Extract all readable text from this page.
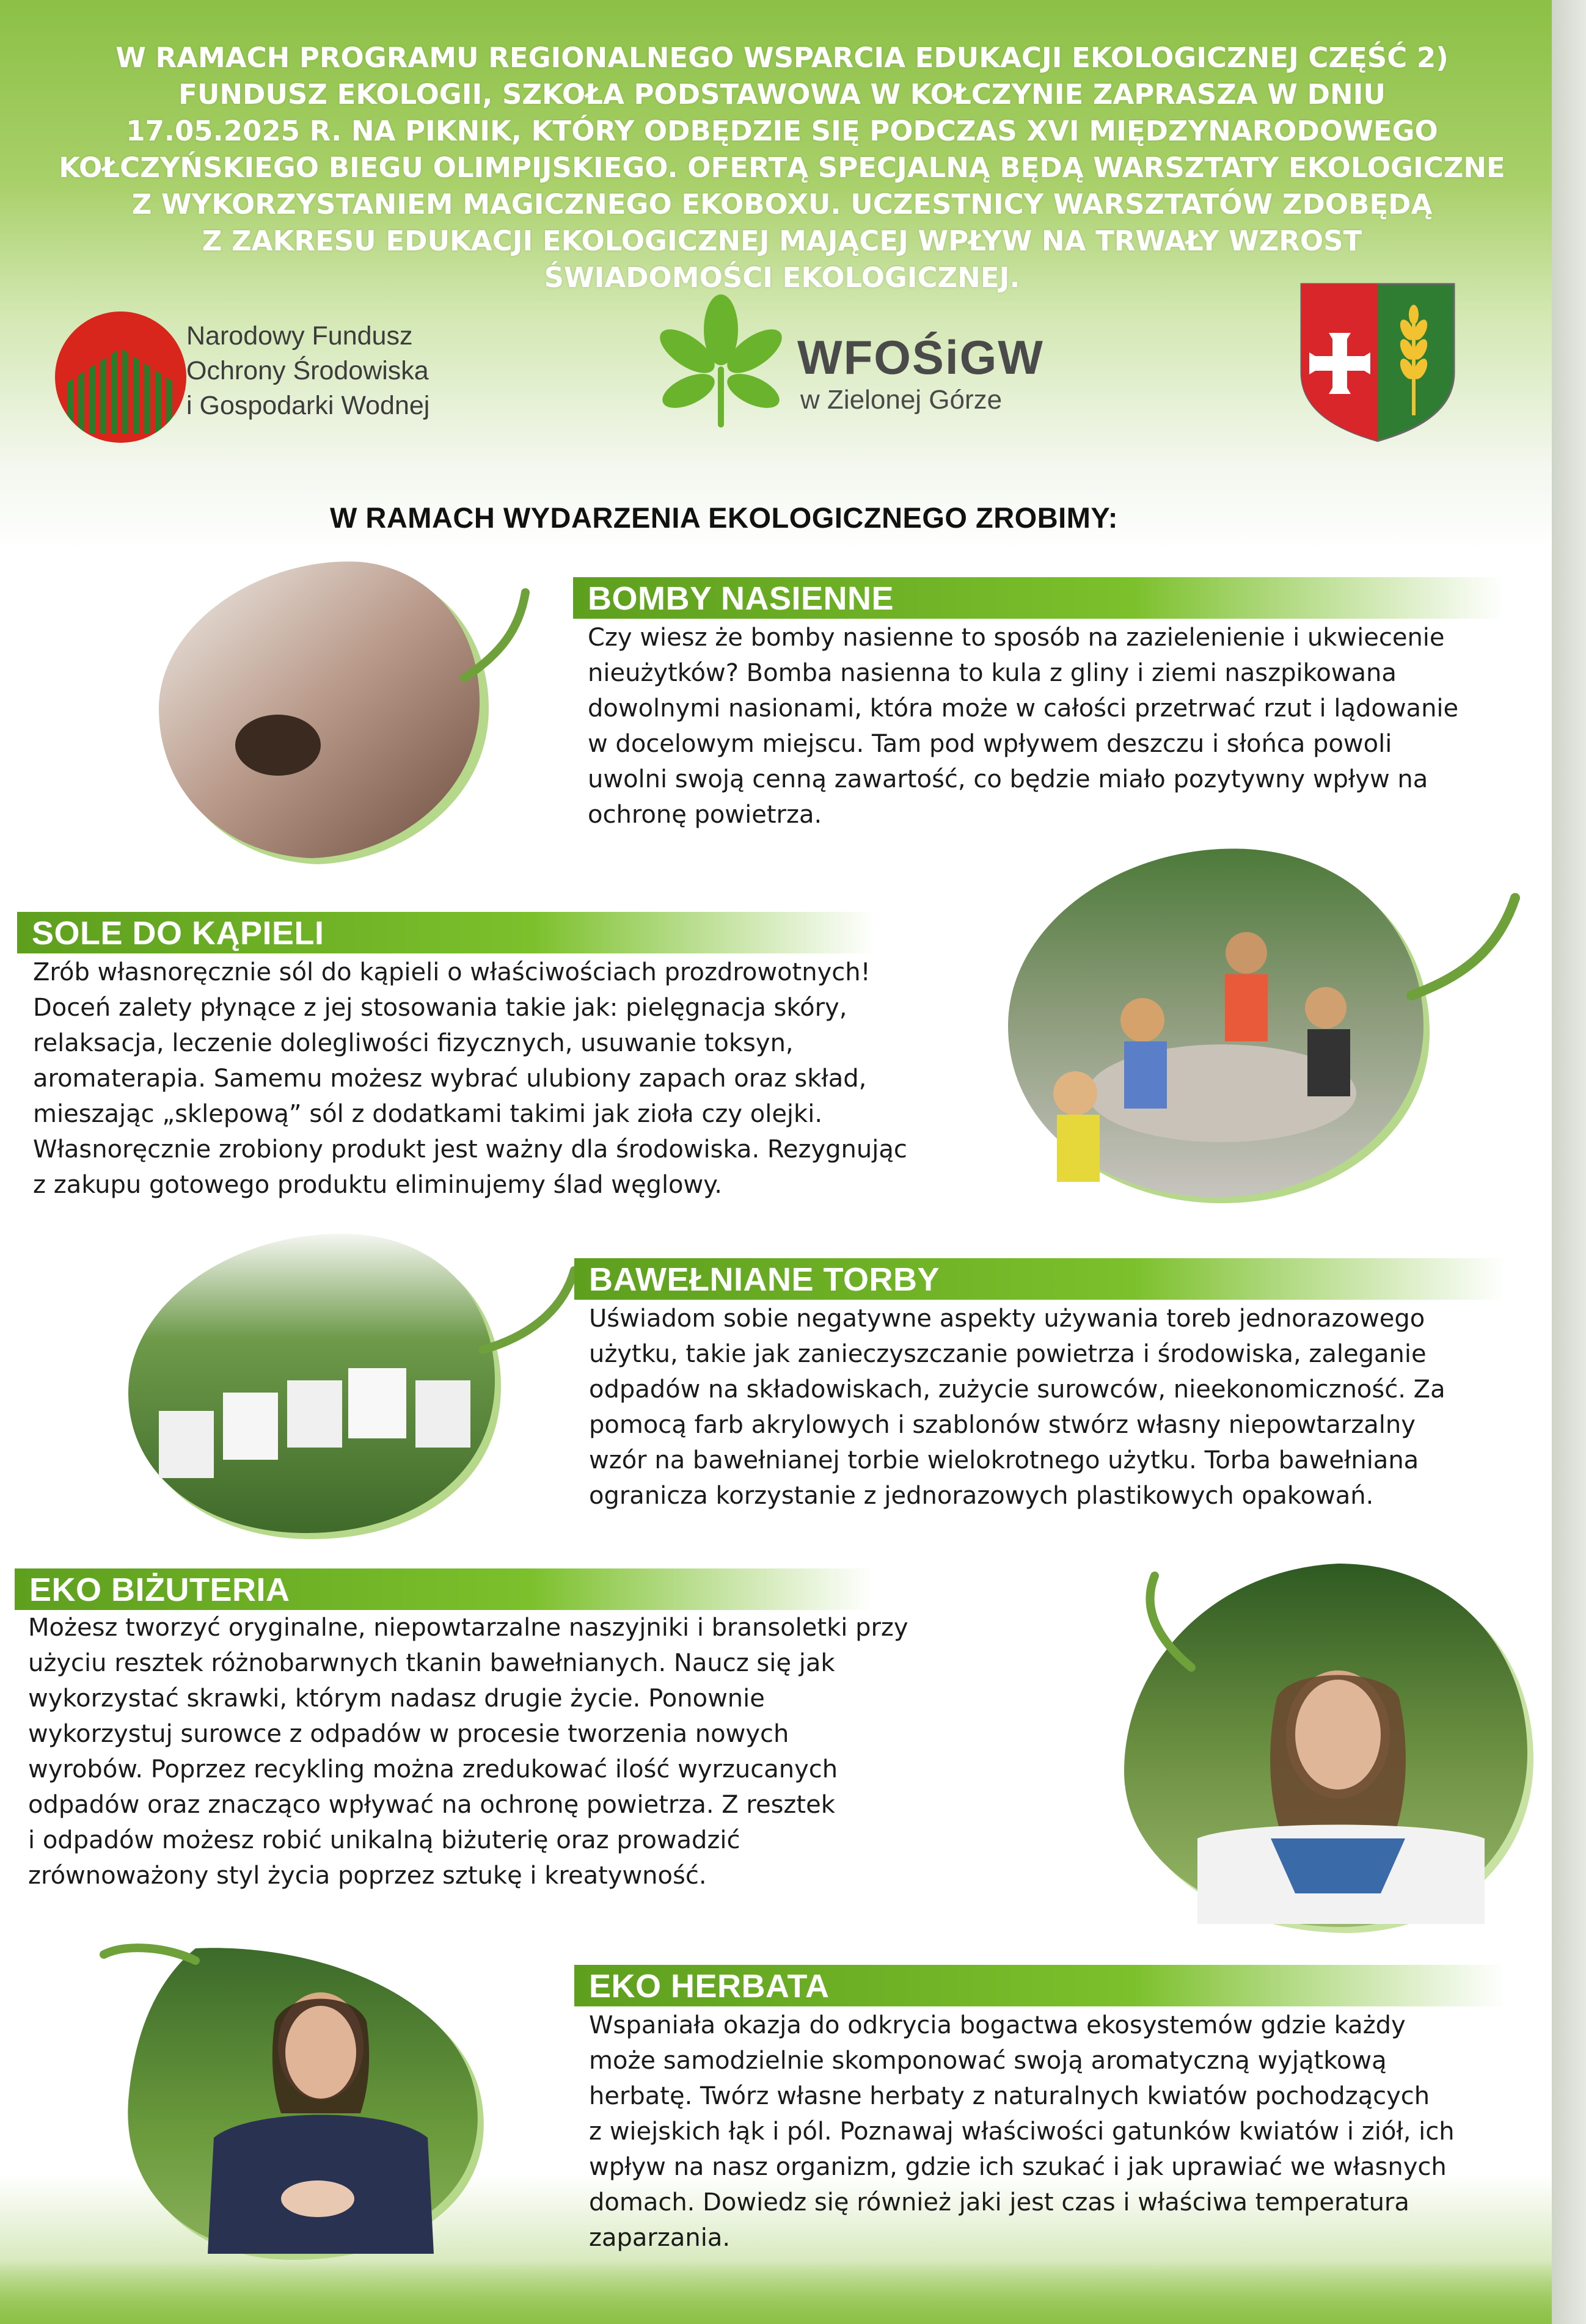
W RAMACH PROGRAMU REGIONALNEGO WSPARCIA EDUKACJI EKOLOGICZNEJ CZĘŚĆ 2)
FUNDUSZ EKOLOGII, SZKOŁA PODSTAWOWA W KOŁCZYNIE ZAPRASZA W DNIU
17.05.2025 R. NA PIKNIK, KTÓRY ODBĘDZIE SIĘ PODCZAS XVI MIĘDZYNARODOWEGO
KOŁCZYŃSKIEGO BIEGU OLIMPIJSKIEGO. OFERTĄ SPECJALNĄ BĘDĄ WARSZTATY EKOLOGICZNE
Z WYKORZYSTANIEM MAGICZNEGO EKOBOXU. UCZESTNICY WARSZTATÓW ZDOBĘDĄ
Z ZAKRESU EDUKACJI EKOLOGICZNEJ MAJĄCEJ WPŁYW NA TRWAŁY WZROST
ŚWIADOMOŚCI EKOLOGICZNEJ.
Narodowy Fundusz
Ochrony Środowiska
i Gospodarki Wodnej
WFOŚiGW
w Zielonej Górze
W RAMACH WYDARZENIA EKOLOGICZNEGO ZROBIMY:
BOMBY NASIENNE
Czy wiesz że bomby nasienne to sposób na zazielenienie i ukwiecenie
nieużytków? Bomba nasienna to kula z gliny i ziemi naszpikowana
dowolnymi nasionami, która może w całości przetrwać rzut i lądowanie
w docelowym miejscu. Tam pod wpływem deszczu i słońca powoli
uwolni swoją cenną zawartość, co będzie miało pozytywny wpływ na
ochronę powietrza.
SOLE DO KĄPIELI
Zrób własnoręcznie sól do kąpieli o właściwościach prozdrowotnych!
Doceń zalety płynące z jej stosowania takie jak: pielęgnacja skóry,
relaksacja, leczenie dolegliwości fizycznych, usuwanie toksyn,
aromaterapia. Samemu możesz wybrać ulubiony zapach oraz skład,
mieszając „sklepową” sól z dodatkami takimi jak zioła czy olejki.
Własnoręcznie zrobiony produkt jest ważny dla środowiska. Rezygnując
z zakupu gotowego produktu eliminujemy ślad węglowy.
BAWEŁNIANE TORBY
Uświadom sobie negatywne aspekty używania toreb jednorazowego
użytku, takie jak zanieczyszczanie powietrza i środowiska, zaleganie
odpadów na składowiskach, zużycie surowców, nieekonomiczność. Za
pomocą farb akrylowych i szablonów stwórz własny niepowtarzalny
wzór na bawełnianej torbie wielokrotnego użytku. Torba bawełniana
ogranicza korzystanie z jednorazowych plastikowych opakowań.
EKO BIŻUTERIA
Możesz tworzyć oryginalne, niepowtarzalne naszyjniki i bransoletki przy
użyciu resztek różnobarwnych tkanin bawełnianych. Naucz się jak
wykorzystać skrawki, którym nadasz drugie życie. Ponownie
wykorzystuj surowce z odpadów w procesie tworzenia nowych
wyrobów. Poprzez recykling można zredukować ilość wyrzucanych
odpadów oraz znacząco wpływać na ochronę powietrza. Z resztek
i odpadów możesz robić unikalną biżuterię oraz prowadzić
zrównoważony styl życia poprzez sztukę i kreatywność.
EKO HERBATA
Wspaniała okazja do odkrycia bogactwa ekosystemów gdzie każdy
może samodzielnie skomponować swoją aromatyczną wyjątkową
herbatę. Twórz własne herbaty z naturalnych kwiatów pochodzących
z wiejskich łąk i pól. Poznawaj właściwości gatunków kwiatów i ziół, ich
wpływ na nasz organizm, gdzie ich szukać i jak uprawiać we własnych
domach. Dowiedz się również jaki jest czas i właściwa temperatura
zaparzania.
